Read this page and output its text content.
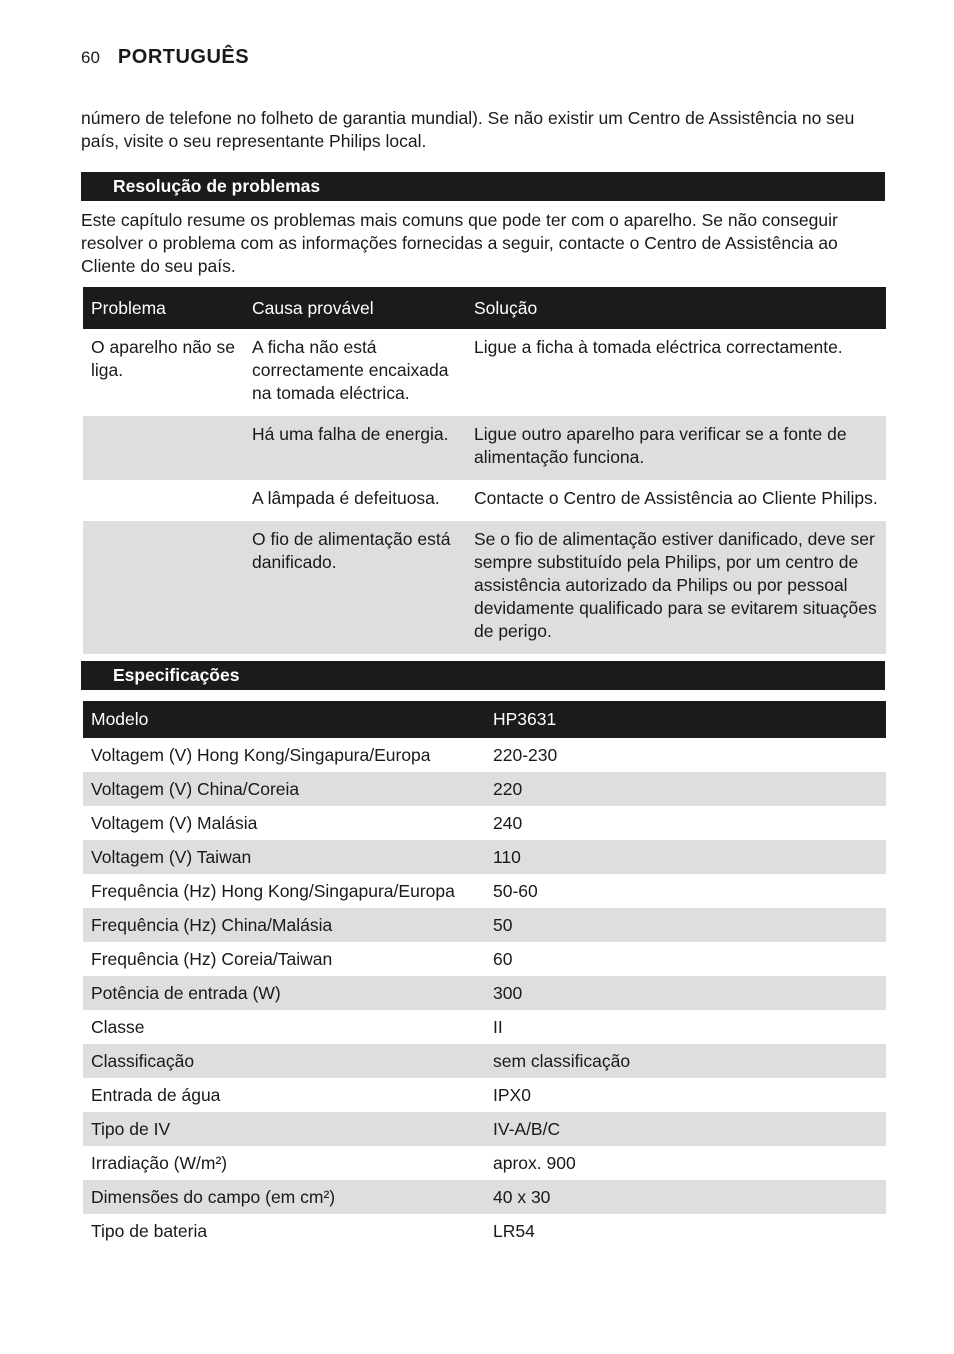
60 PORTUGUÊS
número de telefone no folheto de garantia mundial). Se não existir um Centro de Assistência no seu país, visite o seu representante Philips local.
Resolução de problemas
Este capítulo resume os problemas mais comuns que pode ter com o aparelho. Se não conseguir resolver o problema com as informações fornecidas a seguir, contacte o Centro de Assistência ao Cliente do seu país.
Problema	Causa provável	Solução
O aparelho não se liga.	A ficha não está correctamente encaixada na tomada eléctrica.	Ligue a ficha à tomada eléctrica correctamente.
	Há uma falha de energia.	Ligue outro aparelho para verificar se a fonte de alimentação funciona.
	A lâmpada é defeituosa.	Contacte o Centro de Assistência ao Cliente Philips.
	O fio de alimentação está danificado.	Se o fio de alimentação estiver danificado, deve ser sempre substituído pela Philips, por um centro de assistência autorizado da Philips ou por pessoal devidamente qualificado para se evitarem situações de perigo.
Especificações
Modelo	HP3631
Voltagem (V) Hong Kong/Singapura/Europa	220-230
Voltagem (V) China/Coreia	220
Voltagem (V) Malásia	240
Voltagem (V) Taiwan	110
Frequência (Hz) Hong Kong/Singapura/Europa	50-60
Frequência (Hz) China/Malásia	50
Frequência (Hz) Coreia/Taiwan	60
Potência de entrada (W)	300
Classe	II
Classificação	sem classificação
Entrada de água	IPX0
Tipo de IV	IV-A/B/C
Irradiação (W/m²)	aprox. 900
Dimensões do campo (em cm²)	40 x 30
Tipo de bateria	LR54
